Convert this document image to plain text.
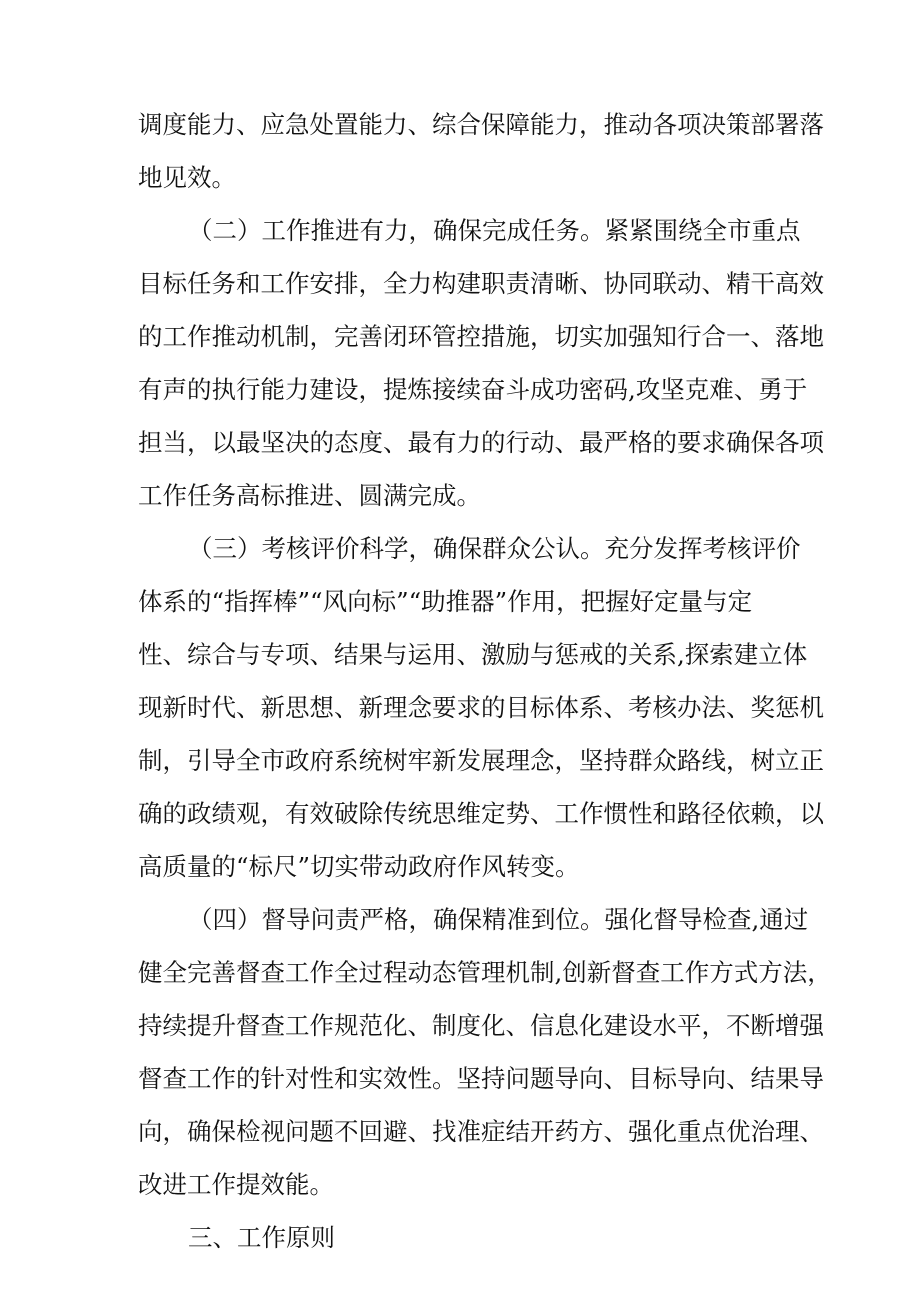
调度能力、应急处置能力、综合保障能力，推动各项决策部署落
地见效。
（二）工作推进有力，确保完成任务。紧紧围绕全市重点
目标任务和工作安排，全力构建职责清晰、协同联动、精干高效
的工作推动机制，完善闭环管控措施，切实加强知行合一、落地
有声的执行能力建设，提炼接续奋斗成功密码,攻坚克难、勇于
担当，以最坚决的态度、最有力的行动、最严格的要求确保各项
工作任务高标推进、圆满完成。
（三）考核评价科学，确保群众公认。充分发挥考核评价
体系的“指挥棒”“风向标”“助推器”作用，把握好定量与定
性、综合与专项、结果与运用、激励与惩戒的关系,探索建立体
现新时代、新思想、新理念要求的目标体系、考核办法、奖惩机
制，引导全市政府系统树牢新发展理念，坚持群众路线，树立正
确的政绩观，有效破除传统思维定势、工作惯性和路径依赖，以
高质量的“标尺”切实带动政府作风转变。
（四）督导问责严格，确保精准到位。强化督导检查,通过
健全完善督查工作全过程动态管理机制,创新督查工作方式方法，
持续提升督查工作规范化、制度化、信息化建设水平，不断增强
督查工作的针对性和实效性。坚持问题导向、目标导向、结果导
向，确保检视问题不回避、找准症结开药方、强化重点优治理、
改进工作提效能。
三、工作原则
